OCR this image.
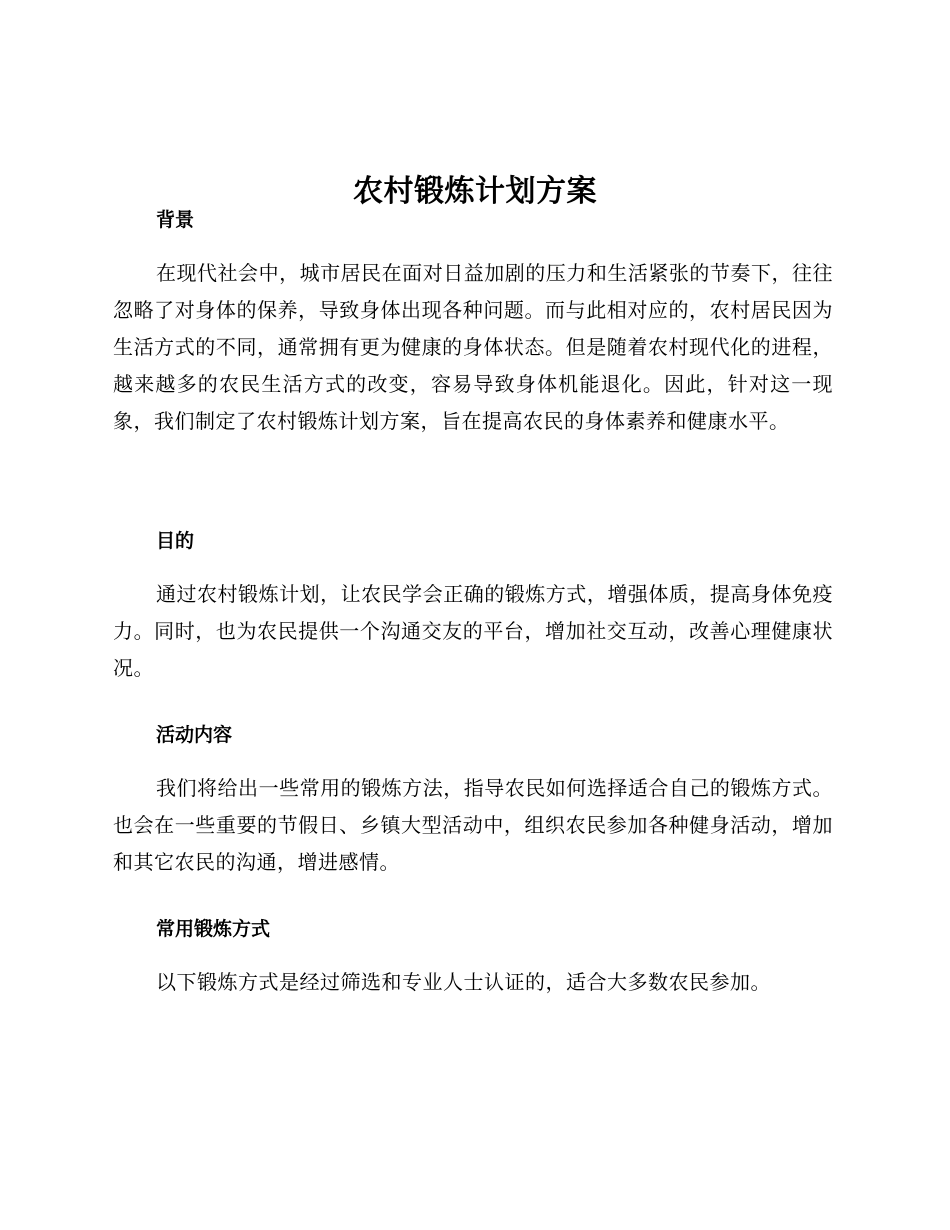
农村锻炼计划方案
背景

在现代社会中，城市居民在面对日益加剧的压力和生活紧张的节奏下，往往忽略了对身体的保养，导致身体出现各种问题。而与此相对应的，农村居民因为生活方式的不同，通常拥有更为健康的身体状态。但是随着农村现代化的进程，越来越多的农民生活方式的改变，容易导致身体机能退化。因此，针对这一现象，我们制定了农村锻炼计划方案，旨在提高农民的身体素养和健康水平。

目的

通过农村锻炼计划，让农民学会正确的锻炼方式，增强体质，提高身体免疫力。同时，也为农民提供一个沟通交友的平台，增加社交互动，改善心理健康状况。

活动内容

我们将给出一些常用的锻炼方法，指导农民如何选择适合自己的锻炼方式。也会在一些重要的节假日、乡镇大型活动中，组织农民参加各种健身活动，增加和其它农民的沟通，增进感情。

常用锻炼方式

以下锻炼方式是经过筛选和专业人士认证的，适合大多数农民参加。
